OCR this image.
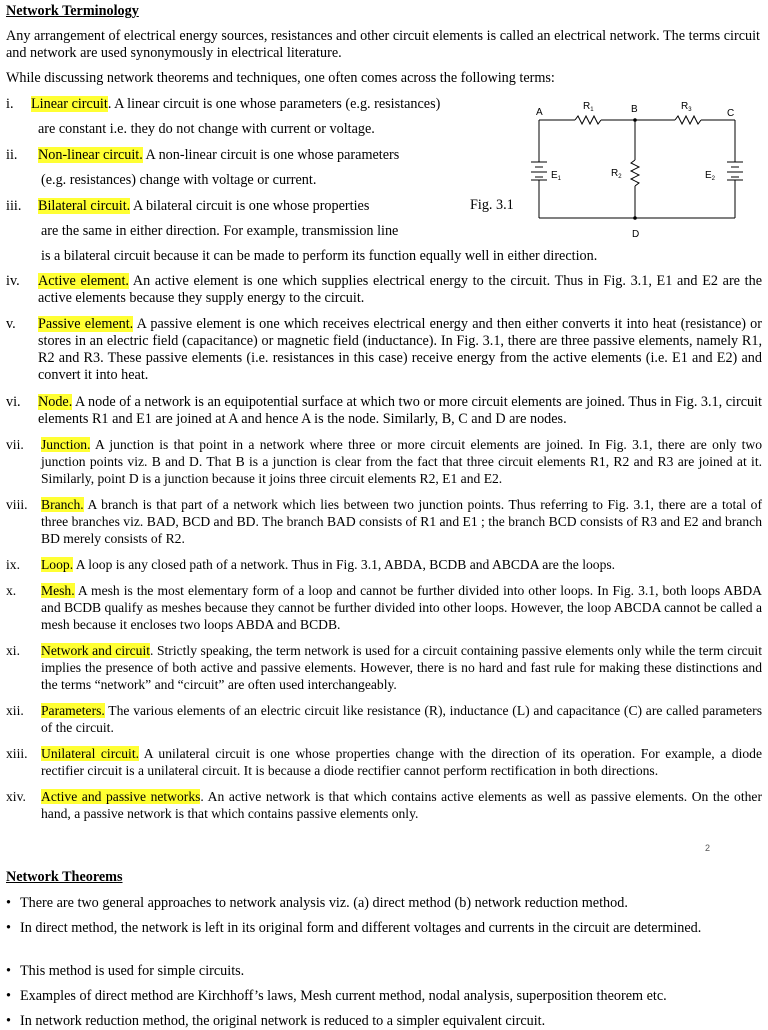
Network Terminology

Any arrangement of electrical energy sources, resistances and other circuit elements is called an electrical network. The terms circuit and network are used synonymously in electrical literature.

While discussing network theorems and techniques, one often comes across the following terms:

i. Linear circuit. A linear circuit is one whose parameters (e.g. resistances)
are constant i.e. they do not change with current or voltage.
ii. Non-linear circuit. A non-linear circuit is one whose parameters
(e.g. resistances) change with voltage or current.
iii. Bilateral circuit. A bilateral circuit is one whose properties
are the same in either direction. For example, transmission line
is a bilateral circuit because it can be made to perform its function equally well in either direction.
Fig. 3.1
A	B	C
D
$R_1$	$R_3$
$R_2$
$E_1$	$E_2$
iv. Active element. An active element is one which supplies electrical energy to the circuit. Thus in Fig. 3.1, E1 and E2 are the active elements because they supply energy to the circuit.
v. Passive element. A passive element is one which receives electrical energy and then either converts it into heat (resistance) or stores in an electric field (capacitance) or magnetic field (inductance). In Fig. 3.1, there are three passive elements, namely R1, R2 and R3. These passive elements (i.e. resistances in this case) receive energy from the active elements (i.e. E1 and E2) and convert it into heat.
vi. Node. A node of a network is an equipotential surface at which two or more circuit elements are joined. Thus in Fig. 3.1, circuit elements R1 and E1 are joined at A and hence A is the node. Similarly, B, C and D are nodes.
vii. Junction. A junction is that point in a network where three or more circuit elements are joined. In Fig. 3.1, there are only two junction points viz. B and D. That B is a junction is clear from the fact that three circuit elements R1, R2 and R3 are joined at it. Similarly, point D is a junction because it joins three circuit elements R2, E1 and E2.
viii. Branch. A branch is that part of a network which lies between two junction points. Thus referring to Fig. 3.1, there are a total of three branches viz. BAD, BCD and BD. The branch BAD consists of R1 and E1 ; the branch BCD consists of R3 and E2 and branch BD merely consists of R2.
ix. Loop. A loop is any closed path of a network. Thus in Fig. 3.1, ABDA, BCDB and ABCDA are the loops.
x. Mesh. A mesh is the most elementary form of a loop and cannot be further divided into other loops. In Fig. 3.1, both loops ABDA and BCDB qualify as meshes because they cannot be further divided into other loops. However, the loop ABCDA cannot be called a mesh because it encloses two loops ABDA and BCDB.
xi. Network and circuit. Strictly speaking, the term network is used for a circuit containing passive elements only while the term circuit implies the presence of both active and passive elements. However, there is no hard and fast rule for making these distinctions and the terms “network” and “circuit” are often used interchangeably.
xii. Parameters. The various elements of an electric circuit like resistance (R), inductance (L) and capacitance (C) are called parameters of the circuit.
xiii. Unilateral circuit. A unilateral circuit is one whose properties change with the direction of its operation. For example, a diode rectifier circuit is a unilateral circuit. It is because a diode rectifier cannot perform rectification in both directions.
xiv. Active and passive networks. An active network is that which contains active elements as well as passive elements. On the other hand, a passive network is that which contains passive elements only.
2
Network Theorems
• There are two general approaches to network analysis viz. (a) direct method (b) network reduction method.
• In direct method, the network is left in its original form and different voltages and currents in the circuit are determined.
• This method is used for simple circuits.
• Examples of direct method are Kirchhoff’s laws, Mesh current method, nodal analysis, superposition theorem etc.
• In network reduction method, the original network is reduced to a simpler equivalent circuit.
